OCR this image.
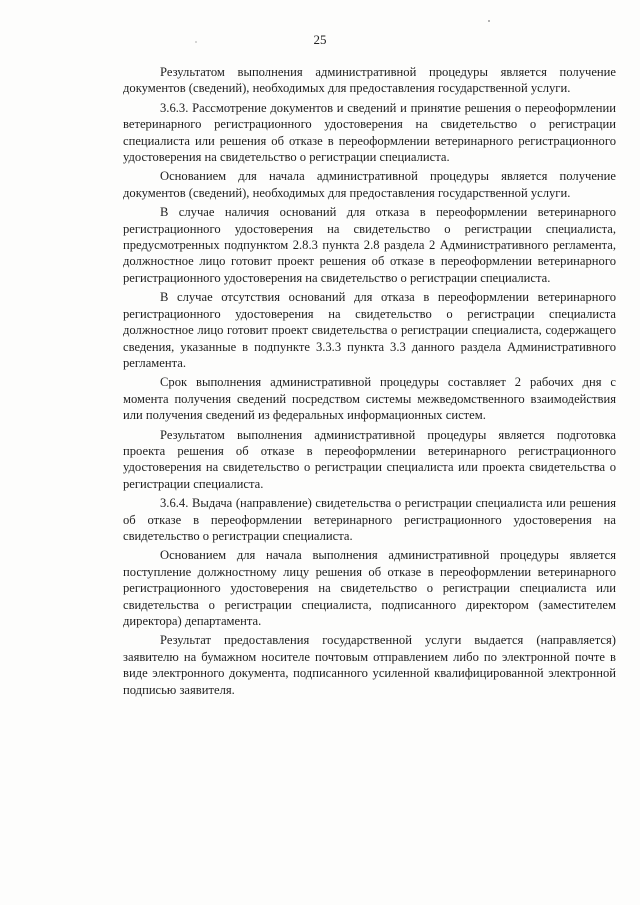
25

Результатом выполнения административной процедуры является получение документов (сведений), необходимых для предоставления государственной услуги.

3.6.3. Рассмотрение документов и сведений и принятие решения о переоформлении ветеринарного регистрационного удостоверения на свидетельство о регистрации специалиста или решения об отказе в переоформлении ветеринарного регистрационного удостоверения на свидетельство о регистрации специалиста.

Основанием для начала административной процедуры является получение документов (сведений), необходимых для предоставления государственной услуги.

В случае наличия оснований для отказа в переоформлении ветеринарного регистрационного удостоверения на свидетельство о регистрации специалиста, предусмотренных подпунктом 2.8.3 пункта 2.8 раздела 2 Административного регламента, должностное лицо готовит проект решения об отказе в переоформлении ветеринарного регистрационного удостоверения на свидетельство о регистрации специалиста.

В случае отсутствия оснований для отказа в переоформлении ветеринарного регистрационного удостоверения на свидетельство о регистрации специалиста должностное лицо готовит проект свидетельства о регистрации специалиста, содержащего сведения, указанные в подпункте 3.3.3 пункта 3.3 данного раздела Административного регламента.

Срок выполнения административной процедуры составляет 2 рабочих дня с момента получения сведений посредством системы межведомственного взаимодействия или получения сведений из федеральных информационных систем.

Результатом выполнения административной процедуры является подготовка проекта решения об отказе в переоформлении ветеринарного регистрационного удостоверения на свидетельство о регистрации специалиста или проекта свидетельства о регистрации специалиста.

3.6.4. Выдача (направление) свидетельства о регистрации специалиста или решения об отказе в переоформлении ветеринарного регистрационного удостоверения на свидетельство о регистрации специалиста.

Основанием для начала выполнения административной процедуры является поступление должностному лицу решения об отказе в переоформлении ветеринарного регистрационного удостоверения на свидетельство о регистрации специалиста или свидетельства о регистрации специалиста, подписанного директором (заместителем директора) департамента.

Результат предоставления государственной услуги выдается (направляется) заявителю на бумажном носителе почтовым отправлением либо по электронной почте в виде электронного документа, подписанного усиленной квалифицированной электронной подписью заявителя.
